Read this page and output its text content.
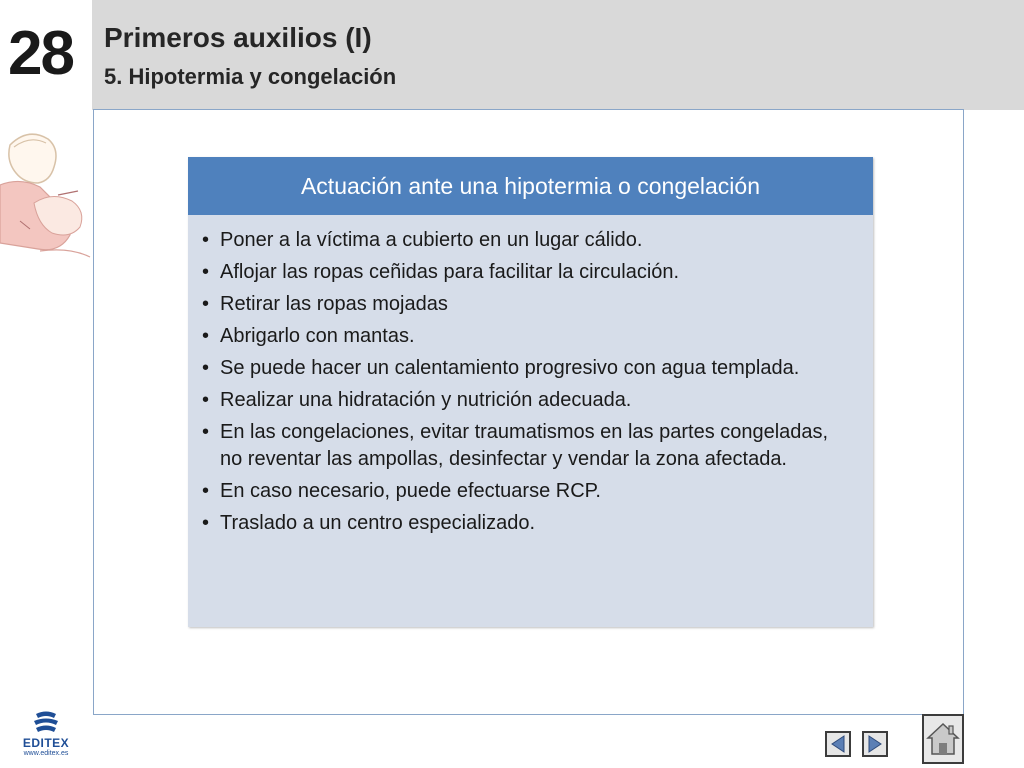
28 Primeros auxilios (I)
5. Hipotermia y congelación
Actuación ante una hipotermia o congelación
• Poner a la víctima a cubierto en un lugar cálido.
• Aflojar las ropas ceñidas para facilitar la circulación.
• Retirar las ropas mojadas
• Abrigarlo con mantas.
• Se puede hacer un calentamiento progresivo con agua templada.
• Realizar una hidratación y nutrición adecuada.
• En las congelaciones, evitar traumatismos en las partes congeladas, no reventar las ampollas, desinfectar y vendar la zona afectada.
• En caso necesario, puede efectuarse RCP.
• Traslado a un centro especializado.
EDITEX
www.editex.es
